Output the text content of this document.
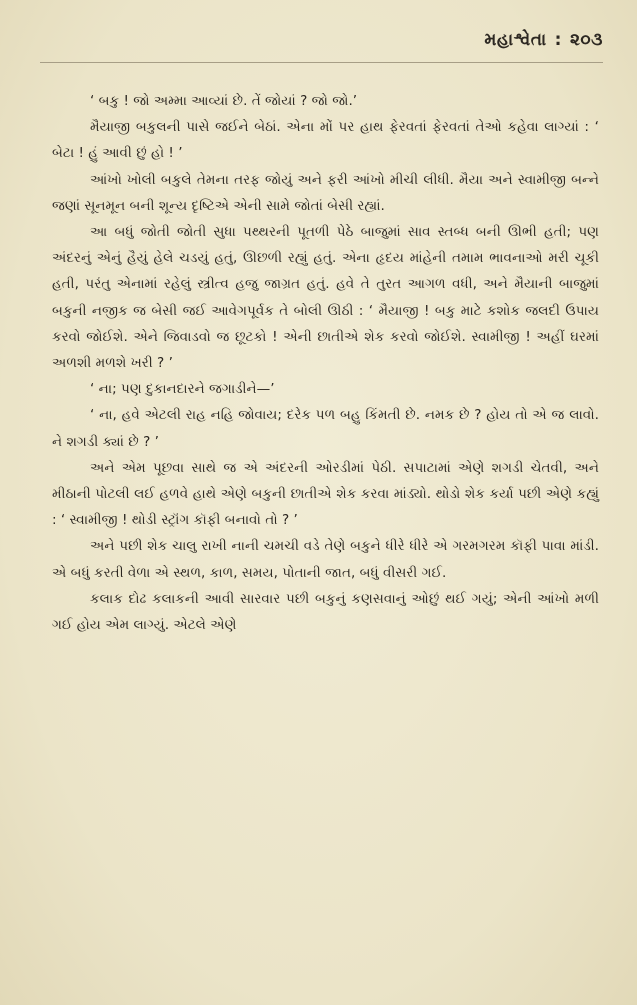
મહાશ્વેતા : ૨૦૩

‘ બકુ ! જો અમ્મા આવ્યાં છે. તેં જોયાં ? જો જો.’

મૈયાજી બકુલની પાસે જઈને બેઠાં. એના મોં પર હાથ ફેરવતાં ફેરવતાં તેઓ કહેવા લાગ્યાં : ‘ બેટા ! હું આવી છું હો ! ’

આંખો ખોલી બકુલે તેમના તરફ જોયું અને ફરી આંખો મીચી લીધી. મૈયા અને સ્વામીજી બન્ને જણાં સૂનમૂન બની શૂન્ય દૃષ્ટિએ એની સામે જોતાં બેસી રહ્યાં.

આ બધું જોતી જોતી સુધા પથ્થરની પૂતળી પેઠે બાજુમાં સાવ સ્તબ્ધ બની ઊભી હતી; પણ અંદરનું એનું હૈયું હેલે ચડયું હતું, ઊછળી રહ્યું હતું. એના હૃદય માંહેની તમામ ભાવનાઓ મરી ચૂકી હતી, પરંતુ એનામાં રહેલું સ્ત્રીત્વ હજુ જાગ્રત હતું. હવે તે તુરત આગળ વધી, અને મૈયાની બાજુમાં બકુની નજીક જ બેસી જઈ આવેગપૂર્વક તે બોલી ઊઠી : ‘ મૈયાજી ! બકુ માટે કશોક જલદી ઉપાય કરવો જોઈશે. એને જિવાડવો જ છૂટકો ! એની છાતીએ શેક કરવો જોઈશે. સ્વામીજી ! અહીં ઘરમાં અળશી મળશે ખરી ? ’

‘ ના; પણ દુકાનદારને જગાડીને—’

‘ ના, હવે એટલી રાહ નહિ જોવાય; દરેક પળ બહુ કિંમતી છે. નમક છે ? હોય તો એ જ લાવો. ને શગડી ક્યાં છે ? ’

અને એમ પૂછવા સાથે જ એ અંદરની ઓરડીમાં પેઠી. સપાટામાં એણે શગડી ચેતવી, અને મીઠાની પોટલી લઈ હળવે હાથે એણે બકુની છાતીએ શેક કરવા માંડ્યો. થોડો શેક કર્યા પછી એણે કહ્યું : ‘ સ્વામીજી ! થોડી સ્ટ્રૉંગ કૉફી બનાવો તો ? ’

અને પછી શેક ચાલુ રાખી નાની ચમચી વડે તેણે બકુને ધીરે ધીરે એ ગરમગરમ કૉફી પાવા માંડી. એ બધું કરતી વેળા એ સ્થળ, કાળ, સમય, પોતાની જાત, બધું વીસરી ગઈ.

કલાક દોઢ કલાકની આવી સારવાર પછી બકુનું કણસવાનું ઓછું થઈ ગયું; એની આંખો મળી ગઈ હોય એમ લાગ્યું. એટલે એણે
